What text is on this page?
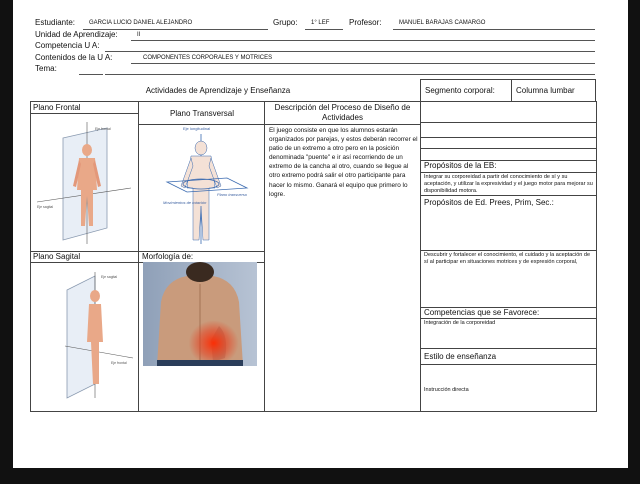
Estudiante: GARCIA LUCIO DANIEL ALEJANDRO	Grupo: 1° LEF Profesor:	MANUEL BARAJAS CAMARGO
Unidad de Aprendizaje:	II
Competencia U A:
Contenidos de la U A:	COMPONENTES CORPORALES Y MOTRICES
Tema:
Actividades de Aprendizaje y Enseñanza	Segmento corporal:	Columna lumbar
Plano Frontal
Plano Transversal
Plano Sagital	Morfología de:
Descripción del Proceso de Diseño de Actividades
El juego consiste en que los alumnos estarán organizados por parejas, y estos deberán recorrer el patio de un extremo a otro pero en la posición denominada "puente" e ir así recorriendo de un extremo de la cancha al otro, cuando se llegue al otro extremo podrá salir el otro participante para hacer lo mismo. Ganará el equipo que primero lo logre.
Propósitos de la EB:
Integrar su corporeidad a partir del conocimiento de sí y su aceptación, y utilizar la expresividad y el juego motor para mejorar su disponibilidad motora.
Propósitos de Ed. Prees, Prim, Sec.:
Descubrir y fortalecer el conocimiento, el cuidado y la aceptación de sí al participar en situaciones motrices y de expresión corporal,
Competencias que se Favorece:
Integración de la corporeidad
Estilo de enseñanza
Instrucción directa
Eje frontal
Eje sagital
Eje longitudinal
Plano transverso
Movimientos de rotación
Eje sagital
Eje frontal
